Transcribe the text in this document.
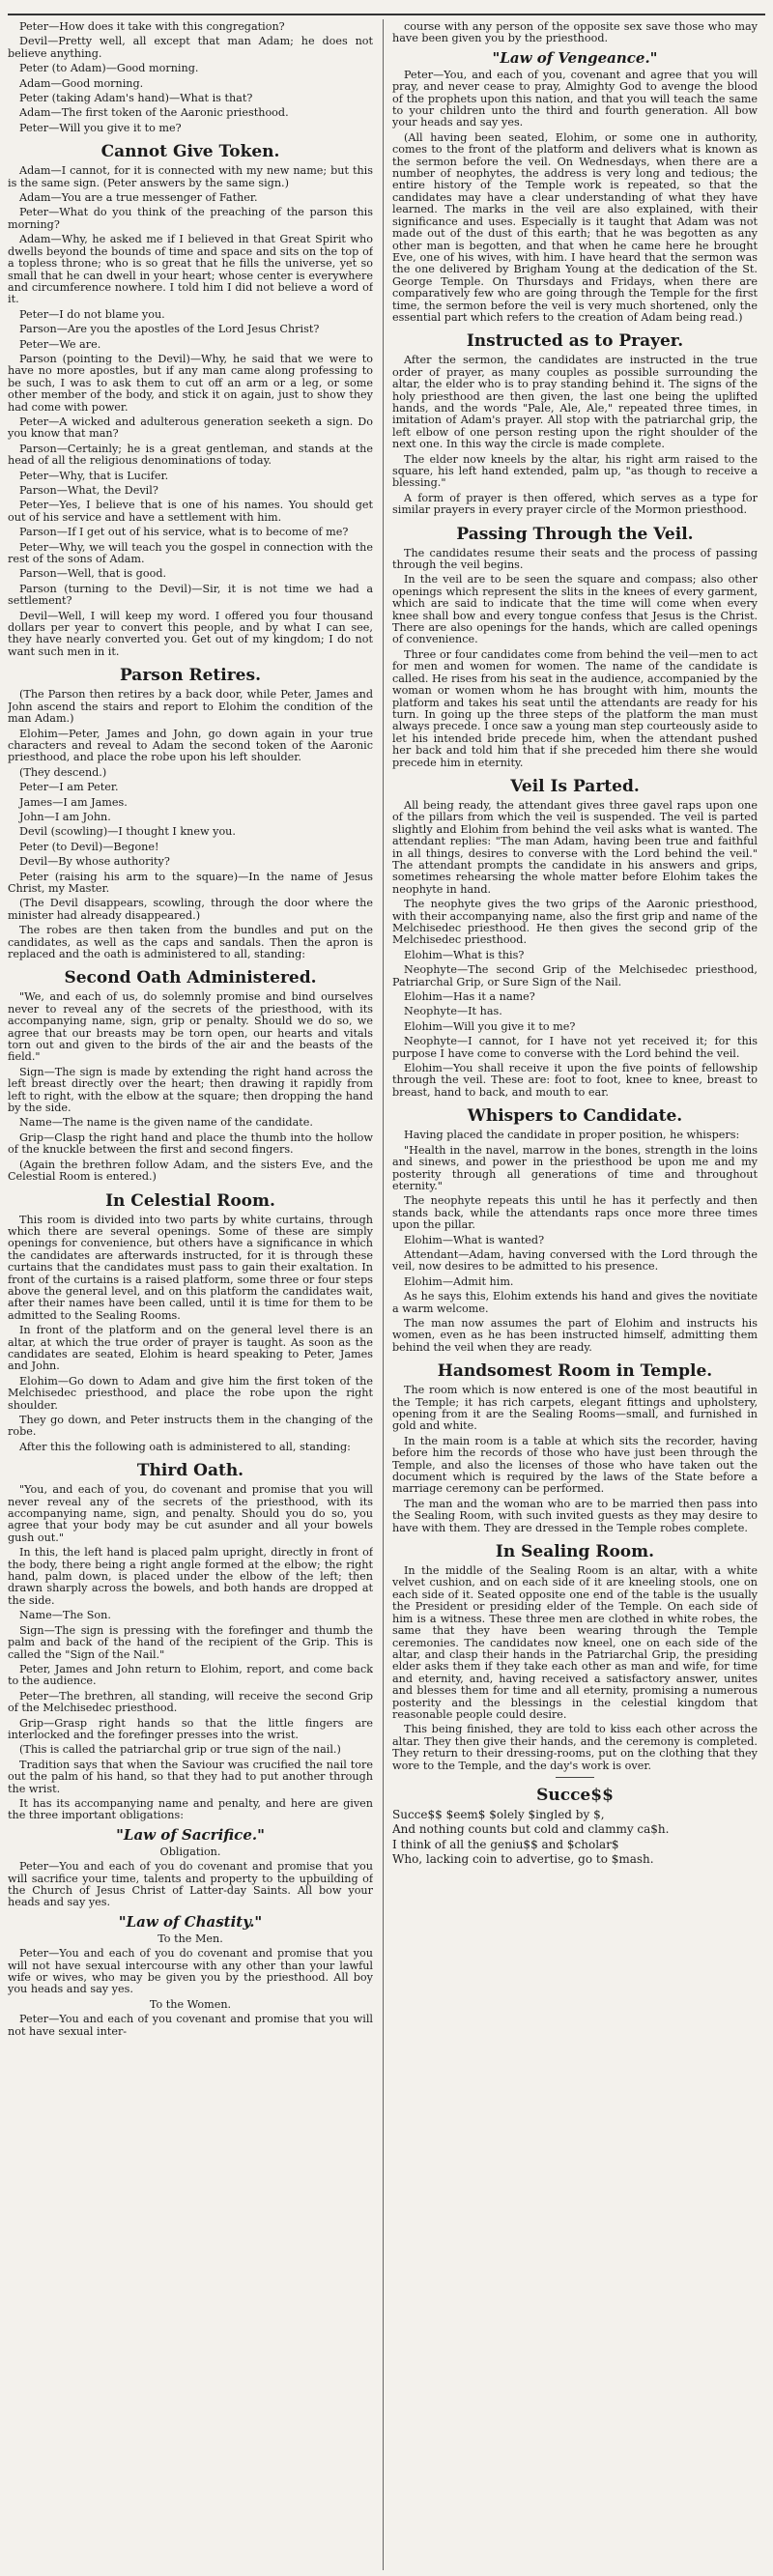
Peter—How does it take with this congregation?

Devil—Pretty well, all except that man Adam; he does not believe anything.

Peter (to Adam)—Good morning.

Adam—Good morning.

Peter (taking Adam's hand)—What is that?

Adam—The first token of the Aaronic priesthood.

Peter—Will you give it to me?

Cannot Give Token.

Adam—I cannot, for it is connected with my new name; but this is the same sign. (Peter answers by the same sign.)

Adam—You are a true messenger of Father.

Peter—What do you think of the preaching of the parson this morning?

Adam—Why, he asked me if I believed in that Great Spirit who dwells beyond the bounds of time and space and sits on the top of a topless throne; who is so great that he fills the universe, yet so small that he can dwell in your heart; whose center is everywhere and circumference nowhere. I told him I did not believe a word of it.

Peter—I do not blame you.

Parson—Are you the apostles of the Lord Jesus Christ?

Peter—We are.

Parson (pointing to the Devil)—Why, he said that we were to have no more apostles, but if any man came along professing to be such, I was to ask them to cut off an arm or a leg, or some other member of the body, and stick it on again, just to show they had come with power.

Peter—A wicked and adulterous generation seeketh a sign. Do you know that man?

Parson—Certainly; he is a great gentleman, and stands at the head of all the religious denominations of today.

Peter—Why, that is Lucifer.

Parson—What, the Devil?

Peter—Yes, I believe that is one of his names. You should get out of his service and have a settlement with him.

Parson—If I get out of his service, what is to become of me?

Peter—Why, we will teach you the gospel in connection with the rest of the sons of Adam.

Parson—Well, that is good.

Parson (turning to the Devil)—Sir, it is not time we had a settlement?

Devil—Well, I will keep my word. I offered you four thousand dollars per year to convert this people, and by what I can see, they have nearly converted you. Get out of my kingdom; I do not want such men in it.

Parson Retires.

(The Parson then retires by a back door, while Peter, James and John ascend the stairs and report to Elohim the condition of the man Adam.)

Elohim—Peter, James and John, go down again in your true characters and reveal to Adam the second token of the Aaronic priesthood, and place the robe upon his left shoulder.

(They descend.)

Peter—I am Peter.

James—I am James.

John—I am John.

Devil (scowling)—I thought I knew you.

Peter (to Devil)—Begone!

Devil—By whose authority?

Peter (raising his arm to the square)—In the name of Jesus Christ, my Master.

(The Devil disappears, scowling, through the door where the minister had already disappeared.)

The robes are then taken from the bundles and put on the candidates, as well as the caps and sandals. Then the apron is replaced and the oath is administered to all, standing:

Second Oath Administered.

"We, and each of us, do solemnly promise and bind ourselves never to reveal any of the secrets of the priesthood, with its accompanying name, sign, grip or penalty. Should we do so, we agree that our breasts may be torn open, our hearts and vitals torn out and given to the birds of the air and the beasts of the field."

Sign—The sign is made by extending the right hand across the left breast directly over the heart; then drawing it rapidly from left to right, with the elbow at the square; then dropping the hand by the side.

Name—The name is the given name of the candidate.

Grip—Clasp the right hand and place the thumb into the hollow of the knuckle between the first and second fingers.

(Again the brethren follow Adam, and the sisters Eve, and the Celestial Room is entered.)

In Celestial Room.

This room is divided into two parts by white curtains, through which there are several openings. Some of these are simply openings for convenience, but others have a significance in which the candidates are afterwards instructed, for it is through these curtains that the candidates must pass to gain their exaltation. In front of the curtains is a raised platform, some three or four steps above the general level, and on this platform the candidates wait, after their names have been called, until it is time for them to be admitted to the Sealing Rooms.

In front of the platform and on the general level there is an altar, at which the true order of prayer is taught. As soon as the candidates are seated, Elohim is heard speaking to Peter, James and John.

Elohim—Go down to Adam and give him the first token of the Melchisedec priesthood, and place the robe upon the right shoulder.

They go down, and Peter instructs them in the changing of the robe.

After this the following oath is administered to all, standing:

Third Oath.

"You, and each of you, do covenant and promise that you will never reveal any of the secrets of the priesthood, with its accompanying name, sign, and penalty. Should you do so, you agree that your body may be cut asunder and all your bowels gush out."

In this, the left hand is placed palm upright, directly in front of the body, there being a right angle formed at the elbow; the right hand, palm down, is placed under the elbow of the left; then drawn sharply across the bowels, and both hands are dropped at the side.

Name—The Son.

Sign—The sign is pressing with the forefinger and thumb the palm and back of the hand of the recipient of the Grip. This is called the "Sign of the Nail."

Peter, James and John return to Elohim, report, and come back to the audience.

Peter—The brethren, all standing, will receive the second Grip of the Melchisedec priesthood.

Grip—Grasp right hands so that the little fingers are interlocked and the forefinger presses into the wrist.

(This is called the patriarchal grip or true sign of the nail.)

Tradition says that when the Saviour was crucified the nail tore out the palm of his hand, so that they had to put another through the wrist.

It has its accompanying name and penalty, and here are given the three important obligations:

"Law of Sacrifice."

Obligation.

Peter—You and each of you do covenant and promise that you will sacrifice your time, talents and property to the upbuilding of the Church of Jesus Christ of Latter-day Saints. All bow your heads and say yes.

"Law of Chastity."

To the Men.

Peter—You and each of you do covenant and promise that you will not have sexual intercourse with any other than your lawful wife or wives, who may be given you by the priesthood. All boy you heads and say yes.

To the Women.

Peter—You and each of you covenant and promise that you will not have sexual inter-

course with any person of the opposite sex save those who may have been given you by the priesthood.

"Law of Vengeance."

Peter—You, and each of you, covenant and agree that you will pray, and never cease to pray, Almighty God to avenge the blood of the prophets upon this nation, and that you will teach the same to your children unto the third and fourth generation. All bow your heads and say yes.

(All having been seated, Elohim, or some one in authority, comes to the front of the platform and delivers what is known as the sermon before the veil. On Wednesdays, when there are a number of neophytes, the address is very long and tedious; the entire history of the Temple work is repeated, so that the candidates may have a clear understanding of what they have learned. The marks in the veil are also explained, with their significance and uses. Especially is it taught that Adam was not made out of the dust of this earth; that he was begotten as any other man is begotten, and that when he came here he brought Eve, one of his wives, with him. I have heard that the sermon was the one delivered by Brigham Young at the dedication of the St. George Temple. On Thursdays and Fridays, when there are comparatively few who are going through the Temple for the first time, the sermon before the veil is very much shortened, only the essential part which refers to the creation of Adam being read.)

Instructed as to Prayer.

After the sermon, the candidates are instructed in the true order of prayer, as many couples as possible surrounding the altar, the elder who is to pray standing behind it. The signs of the holy priesthood are then given, the last one being the uplifted hands, and the words "Pale, Ale, Ale," repeated three times, in imitation of Adam's prayer. All stop with the patriarchal grip, the left elbow of one person resting upon the right shoulder of the next one. In this way the circle is made complete.

The elder now kneels by the altar, his right arm raised to the square, his left hand extended, palm up, "as though to receive a blessing."

A form of prayer is then offered, which serves as a type for similar prayers in every prayer circle of the Mormon priesthood.

Passing Through the Veil.

The candidates resume their seats and the process of passing through the veil begins.

In the veil are to be seen the square and compass; also other openings which represent the slits in the knees of every garment, which are said to indicate that the time will come when every knee shall bow and every tongue confess that Jesus is the Christ. There are also openings for the hands, which are called openings of convenience.

Three or four candidates come from behind the veil—men to act for men and women for women. The name of the candidate is called. He rises from his seat in the audience, accompanied by the woman or women whom he has brought with him, mounts the platform and takes his seat until the attendants are ready for his turn. In going up the three steps of the platform the man must always precede. I once saw a young man step courteously aside to let his intended bride precede him, when the attendant pushed her back and told him that if she preceded him there she would precede him in eternity.

Veil Is Parted.

All being ready, the attendant gives three gavel raps upon one of the pillars from which the veil is suspended. The veil is parted slightly and Elohim from behind the veil asks what is wanted. The attendant replies: "The man Adam, having been true and faithful in all things, desires to converse with the Lord behind the veil." The attendant prompts the candidate in his answers and grips, sometimes rehearsing the whole matter before Elohim takes the neophyte in hand.

The neophyte gives the two grips of the Aaronic priesthood, with their accompanying name, also the first grip and name of the Melchisedec priesthood. He then gives the second grip of the Melchisedec priesthood.

Elohim—What is this?

Neophyte—The second Grip of the Melchisedec priesthood, Patriarchal Grip, or Sure Sign of the Nail.

Elohim—Has it a name?

Neophyte—It has.

Elohim—Will you give it to me?

Neophyte—I cannot, for I have not yet received it; for this purpose I have come to converse with the Lord behind the veil.

Elohim—You shall receive it upon the five points of fellowship through the veil. These are: foot to foot, knee to knee, breast to breast, hand to back, and mouth to ear.

Whispers to Candidate.

Having placed the candidate in proper position, he whispers:

"Health in the navel, marrow in the bones, strength in the loins and sinews, and power in the priesthood be upon me and my posterity through all generations of time and throughout eternity."

The neophyte repeats this until he has it perfectly and then stands back, while the attendants raps once more three times upon the pillar.

Elohim—What is wanted?

Attendant—Adam, having conversed with the Lord through the veil, now desires to be admitted to his presence.

Elohim—Admit him.

As he says this, Elohim extends his hand and gives the novitiate a warm welcome.

The man now assumes the part of Elohim and instructs his women, even as he has been instructed himself, admitting them behind the veil when they are ready.

Handsomest Room in Temple.

The room which is now entered is one of the most beautiful in the Temple; it has rich carpets, elegant fittings and upholstery, opening from it are the Sealing Rooms—small, and furnished in gold and white.

In the main room is a table at which sits the recorder, having before him the records of those who have just been through the Temple, and also the licenses of those who have taken out the document which is required by the laws of the State before a marriage ceremony can be performed.

The man and the woman who are to be married then pass into the Sealing Room, with such invited guests as they may desire to have with them. They are dressed in the Temple robes complete.

In Sealing Room.

In the middle of the Sealing Room is an altar, with a white velvet cushion, and on each side of it are kneeling stools, one on each side of it. Seated opposite one end of the table is the usually the President or presiding elder of the Temple. On each side of him is a witness. These three men are clothed in white robes, the same that they have been wearing through the Temple ceremonies. The candidates now kneel, one on each side of the altar, and clasp their hands in the Patriarchal Grip, the presiding elder asks them if they take each other as man and wife, for time and eternity, and, having received a satisfactory answer, unites and blesses them for time and all eternity, promising a numerous posterity and the blessings in the celestial kingdom that reasonable people could desire.

This being finished, they are told to kiss each other across the altar. They then give their hands, and the ceremony is completed. They return to their dressing-rooms, put on the clothing that they wore to the Temple, and the day's work is over.

Succe$$

Succe$$ $eem$ $olely $ingled by $,

And nothing counts but cold and clammy ca$h.

I think of all the geniu$$ and $cholar$

Who, lacking coin to advertise, go to $mash.
